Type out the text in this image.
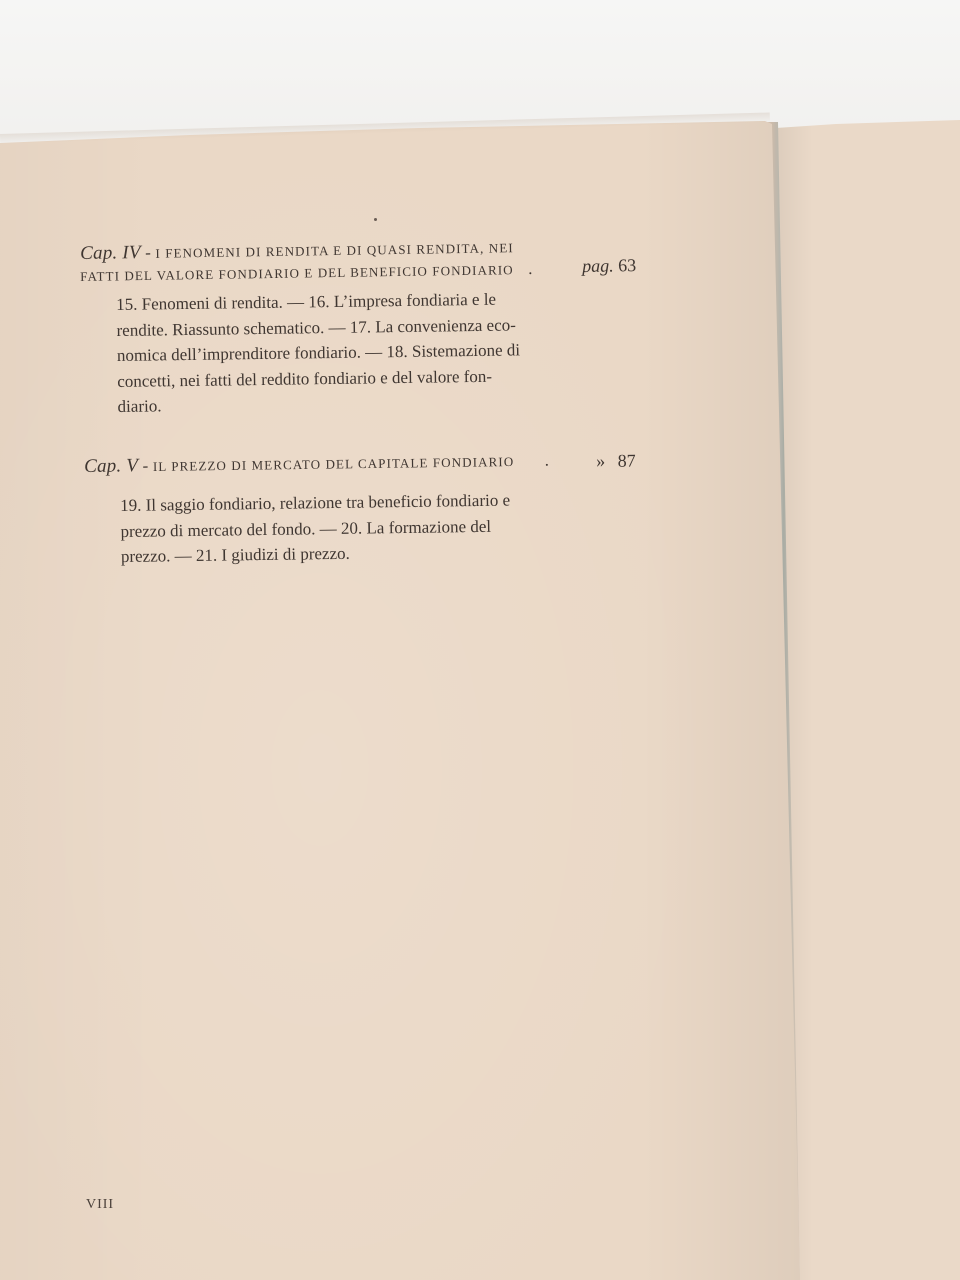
Cap. IV - I FENOMENI DI RENDITA E DI QUASI RENDITA, NEI
FATTI DEL VALORE FONDIARIO E DEL BENEFICIO FONDIARIO .	pag. 63
15. Fenomeni di rendita. — 16. L’impresa fondiaria e le
rendite. Riassunto schematico. — 17. La convenienza eco-
nomica dell’imprenditore fondiario. — 18. Sistemazione di
concetti, nei fatti del reddito fondiario e del valore fon-
diario.
Cap. V - IL PREZZO DI MERCATO DEL CAPITALE FONDIARIO .	» 87
19. Il saggio fondiario, relazione tra beneficio fondiario e
prezzo di mercato del fondo. — 20. La formazione del
prezzo. — 21. I giudizi di prezzo.
VIII
